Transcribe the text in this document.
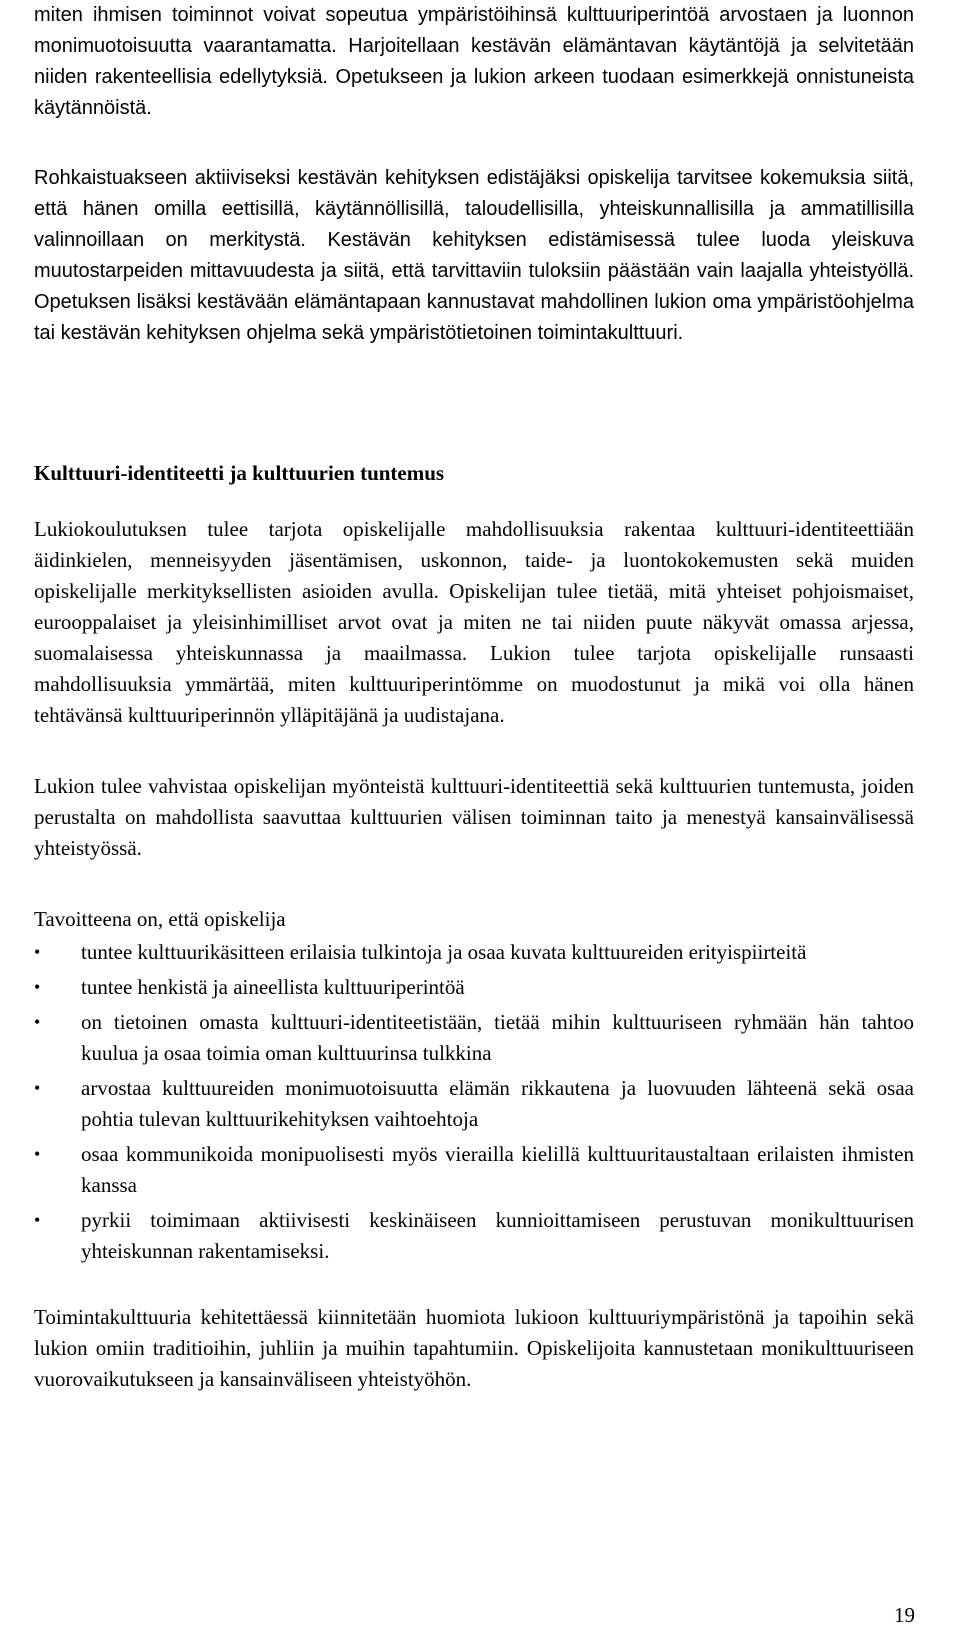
miten ihmisen toiminnot voivat sopeutua ympäristöihinsä kulttuuriperintöä arvostaen ja luonnon monimuotoisuutta vaarantamatta. Harjoitellaan kestävän elämäntavan käytäntöjä ja selvitetään niiden rakenteellisia edellytyksiä. Opetukseen ja lukion arkeen tuodaan esimerkkejä onnistuneista käytännöistä.

Rohkaistuakseen aktiiviseksi kestävän kehityksen edistäjäksi opiskelija tarvitsee kokemuksia siitä, että hänen omilla eettisillä, käytännöllisillä, taloudellisilla, yhteiskunnallisilla ja ammatillisilla valinnoillaan on merkitystä. Kestävän kehityksen edistämisessä tulee luoda yleiskuva muutostarpeiden mittavuudesta ja siitä, että tarvittaviin tuloksiin päästään vain laajalla yhteistyöllä. Opetuksen lisäksi kestävään elämäntapaan kannustavat mahdollinen lukion oma ympäristöohjelma tai kestävän kehityksen ohjelma sekä ympäristötietoinen toimintakulttuuri.

Kulttuuri-identiteetti ja kulttuurien tuntemus

Lukiokoulutuksen tulee tarjota opiskelijalle mahdollisuuksia rakentaa kulttuuri-identiteettiään äidinkielen, menneisyyden jäsentämisen, uskonnon, taide- ja luontokokemusten sekä muiden opiskelijalle merkityksellisten asioiden avulla. Opiskelijan tulee tietää, mitä yhteiset pohjoismaiset, eurooppalaiset ja yleisinhimilliset arvot ovat ja miten ne tai niiden puute näkyvät omassa arjessa, suomalaisessa yhteiskunnassa ja maailmassa. Lukion tulee tarjota opiskelijalle runsaasti mahdollisuuksia ymmärtää, miten kulttuuriperintömme on muodostunut ja mikä voi olla hänen tehtävänsä kulttuuriperinnön ylläpitäjänä ja uudistajana.

Lukion tulee vahvistaa opiskelijan myönteistä kulttuuri-identiteettiä sekä kulttuurien tuntemusta, joiden perustalta on mahdollista saavuttaa kulttuurien välisen toiminnan taito ja menestyä kansainvälisessä yhteistyössä.

Tavoitteena on, että opiskelija

• tuntee kulttuurikäsitteen erilaisia tulkintoja ja osaa kuvata kulttuureiden erityispiirteitä
• tuntee henkistä ja aineellista kulttuuriperintöä
• on tietoinen omasta kulttuuri-identiteetistään, tietää mihin kulttuuriseen ryhmään hän tahtoo kuulua ja osaa toimia oman kulttuurinsa tulkkina
• arvostaa kulttuureiden monimuotoisuutta elämän rikkautena ja luovuuden lähteenä sekä osaa pohtia tulevan kulttuurikehityksen vaihtoehtoja
• osaa kommunikoida monipuolisesti myös vierailla kielillä kulttuuritaustaltaan erilaisten ihmisten kanssa
• pyrkii toimimaan aktiivisesti keskinäiseen kunnioittamiseen perustuvan monikulttuurisen yhteiskunnan rakentamiseksi.

Toimintakulttuuria kehitettäessä kiinnitetään huomiota lukioon kulttuuriympäristönä ja tapoihin sekä lukion omiin traditioihin, juhliin ja muihin tapahtumiin. Opiskelijoita kannustetaan monikulttuuriseen vuorovaikutukseen ja kansainväliseen yhteistyöhön.

19
